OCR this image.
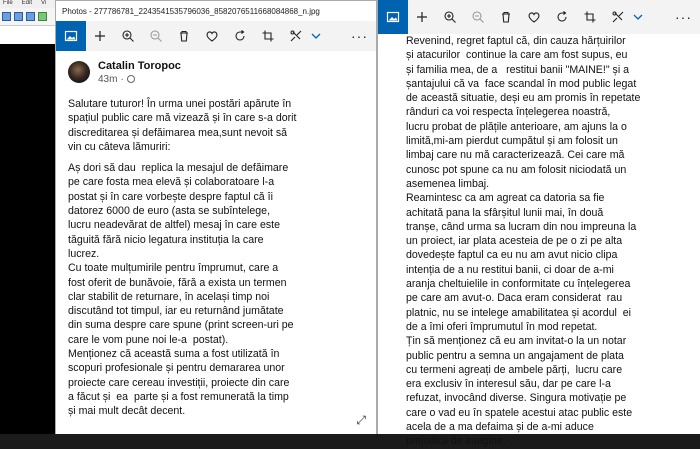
File Edit Vi
Photos - 277786781_2243541535796036_8582076511668084868_n.jpg
···
Catalin Toropoc
43m ·
Salutare tuturor! În urma unei postări apărute în
spațiul public care mă vizează și în care s-a dorit
discreditarea și defăimarea mea,sunt nevoit să
vin cu câteva lămuriri:
Aș dori să dau  replica la mesajul de defăimare
pe care fosta mea elevă și colaboratoare l-a
postat și în care vorbește despre faptul că îi
datorez 6000 de euro (asta se subîntelege,
lucru neadevărat de altfel) mesaj în care este
tăguită fără nicio legatura instituția la care
lucrez.
Cu toate mulțumirile pentru împrumut, care a
fost oferit de bunăvoie, fără a exista un termen
clar stabilit de returnare, în același timp noi
discutând tot timpul, iar eu returnând jumătate
din suma despre care spune (print screen-uri pe
care le vom pune noi le-a  postat).
Menționez că această suma a fost utilizată în
scopuri profesionale și pentru demararea unor
proiecte care cereau investiții, proiecte din care
a făcut și  ea  parte și a fost remunerată la timp
și mai mult decât decent.
⤢
···
Revenind, regret faptul că, din cauza hărțuirilor
și atacurilor  continue la care am fost supus, eu
și familia mea, de a   restitui banii "MAINE!" și a
șantajului că va  face scandal în mod public legat
de această situatie, deși eu am promis în repetate
rânduri ca voi respecta înțelegerea noastră,
lucru probat de plățile anterioare, am ajuns la o
limită,mi-am pierdut cumpătul și am folosit un
limbaj care nu mă caracterizează. Cei care mă
cunosc pot spune ca nu am folosit niciodată un
asemenea limbaj.
Reamintesc ca am agreat ca datoria sa fie
achitată pana la sfârșitul lunii mai, în două
tranșe, când urma sa lucram din nou impreuna la
un proiect, iar plata acesteia de pe o zi pe alta
dovedește faptul ca eu nu am avut nicio clipa
intenția de a nu restitui banii, ci doar de a-mi
aranja cheltuielile in conformitate cu înțelegerea
pe care am avut-o. Daca eram considerat  rau
platnic, nu se intelege amabilitatea și acordul  ei
de a îmi oferi împrumutul în mod repetat.
Țin să menționez că eu am invitat-o la un notar
public pentru a semna un angajament de plata
cu termeni agreați de ambele părți,  lucru care
era exclusiv în interesul său, dar pe care l-a
refuzat, invocând diverse. Singura motivație pe
care o vad eu în spatele acestui atac public este
acela de a ma defaima și de a-mi aduce
prejudicii de imagine.
